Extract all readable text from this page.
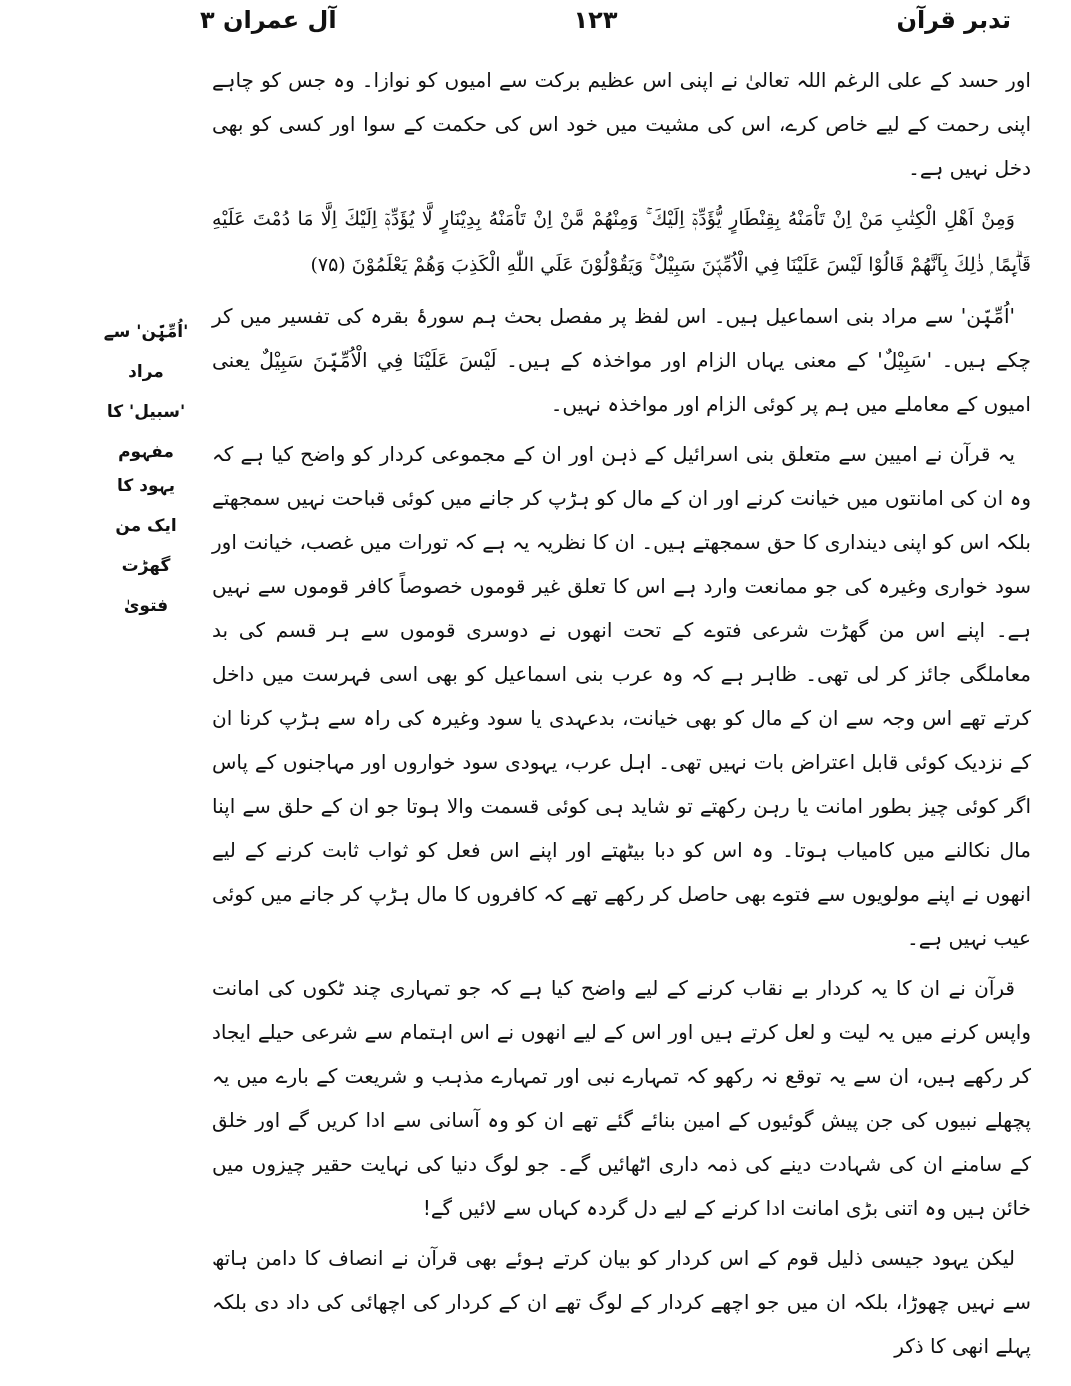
تدبر قرآن
۱۲۳
آل عمران ۳
'اُمِّیّٖن' سے مراد 'سبیل' کا مفہوم
یہود کا ایک من گھڑت فتویٰ

اور حسد کے علی الرغم اللہ تعالیٰ نے اپنی اس عظیم برکت سے امیوں کو نوازا۔ وہ جس کو چاہے اپنی رحمت کے لیے خاص کرے، اس کی مشیت میں خود اس کی حکمت کے سوا اور کسی کو بھی دخل نہیں ہے۔

وَمِنْ اَهْلِ الْكِتٰبِ مَنْ اِنْ تَاْمَنْهُ بِقِنْطَارٍ يُّؤَدِّهٖٓ اِلَيْكَ ۚ وَمِنْهُمْ مَّنْ اِنْ تَاْمَنْهُ بِدِيْنَارٍ لَّا يُؤَدِّهٖٓ اِلَيْكَ اِلَّا مَا دُمْتَ عَلَيْهِ قَاۗىِٕمًا ۭ ذٰلِكَ بِاَنَّھُمْ قَالُوْا لَيْسَ عَلَيْنَا فِي الْاُمِّيّٖنَ سَبِيْلٌ ۚ وَيَقُوْلُوْنَ عَلَي اللّٰهِ الْكَذِبَ وَھُمْ يَعْلَمُوْنَ (۷۵)

'اُمِّیّٖن' سے مراد بنی اسماعیل ہیں۔ اس لفظ پر مفصل بحث ہم سورۂ بقرہ کی تفسیر میں کر چکے ہیں۔ 'سَبِيْلٌ' کے معنی یہاں الزام اور مواخذہ کے ہیں۔ لَيْسَ عَلَيْنَا فِي الْاُمِّيّٖنَ سَبِيْلٌ یعنی امیوں کے معاملے میں ہم پر کوئی الزام اور مواخذہ نہیں۔

یہ قرآن نے امیین سے متعلق بنی اسرائیل کے ذہن اور ان کے مجموعی کردار کو واضح کیا ہے کہ وہ ان کی امانتوں میں خیانت کرنے اور ان کے مال کو ہڑپ کر جانے میں کوئی قباحت نہیں سمجھتے بلکہ اس کو اپنی دینداری کا حق سمجھتے ہیں۔ ان کا نظریہ یہ ہے کہ تورات میں غصب، خیانت اور سود خواری وغیرہ کی جو ممانعت وارد ہے اس کا تعلق غیر قوموں خصوصاً کافر قوموں سے نہیں ہے۔ اپنے اس من گھڑت شرعی فتوے کے تحت انھوں نے دوسری قوموں سے ہر قسم کی بد معاملگی جائز کر لی تھی۔ ظاہر ہے کہ وہ عرب بنی اسماعیل کو بھی اسی فہرست میں داخل کرتے تھے اس وجہ سے ان کے مال کو بھی خیانت، بدعہدی یا سود وغیرہ کی راہ سے ہڑپ کرنا ان کے نزدیک کوئی قابل اعتراض بات نہیں تھی۔ اہل عرب، یہودی سود خواروں اور مہاجنوں کے پاس اگر کوئی چیز بطور امانت یا رہن رکھتے تو شاید ہی کوئی قسمت والا ہوتا جو ان کے حلق سے اپنا مال نکالنے میں کامیاب ہوتا۔ وہ اس کو دبا بیٹھتے اور اپنے اس فعل کو ثواب ثابت کرنے کے لیے انھوں نے اپنے مولویوں سے فتوے بھی حاصل کر رکھے تھے کہ کافروں کا مال ہڑپ کر جانے میں کوئی عیب نہیں ہے۔

قرآن نے ان کا یہ کردار بے نقاب کرنے کے لیے واضح کیا ہے کہ جو تمہاری چند ٹکوں کی امانت واپس کرنے میں یہ لیت و لعل کرتے ہیں اور اس کے لیے انھوں نے اس اہتمام سے شرعی حیلے ایجاد کر رکھے ہیں، ان سے یہ توقع نہ رکھو کہ تمہارے نبی اور تمہارے مذہب و شریعت کے بارے میں یہ پچھلے نبیوں کی جن پیش گوئیوں کے امین بنائے گئے تھے ان کو وہ آسانی سے ادا کریں گے اور خلق کے سامنے ان کی شہادت دینے کی ذمہ داری اٹھائیں گے۔ جو لوگ دنیا کی نہایت حقیر چیزوں میں خائن ہیں وہ اتنی بڑی امانت ادا کرنے کے لیے دل گردہ کہاں سے لائیں گے!

لیکن یہود جیسی ذلیل قوم کے اس کردار کو بیان کرتے ہوئے بھی قرآن نے انصاف کا دامن ہاتھ سے نہیں چھوڑا، بلکہ ان میں جو اچھے کردار کے لوگ تھے ان کے کردار کی اچھائی کی داد دی بلکہ پہلے انھی کا ذکر
